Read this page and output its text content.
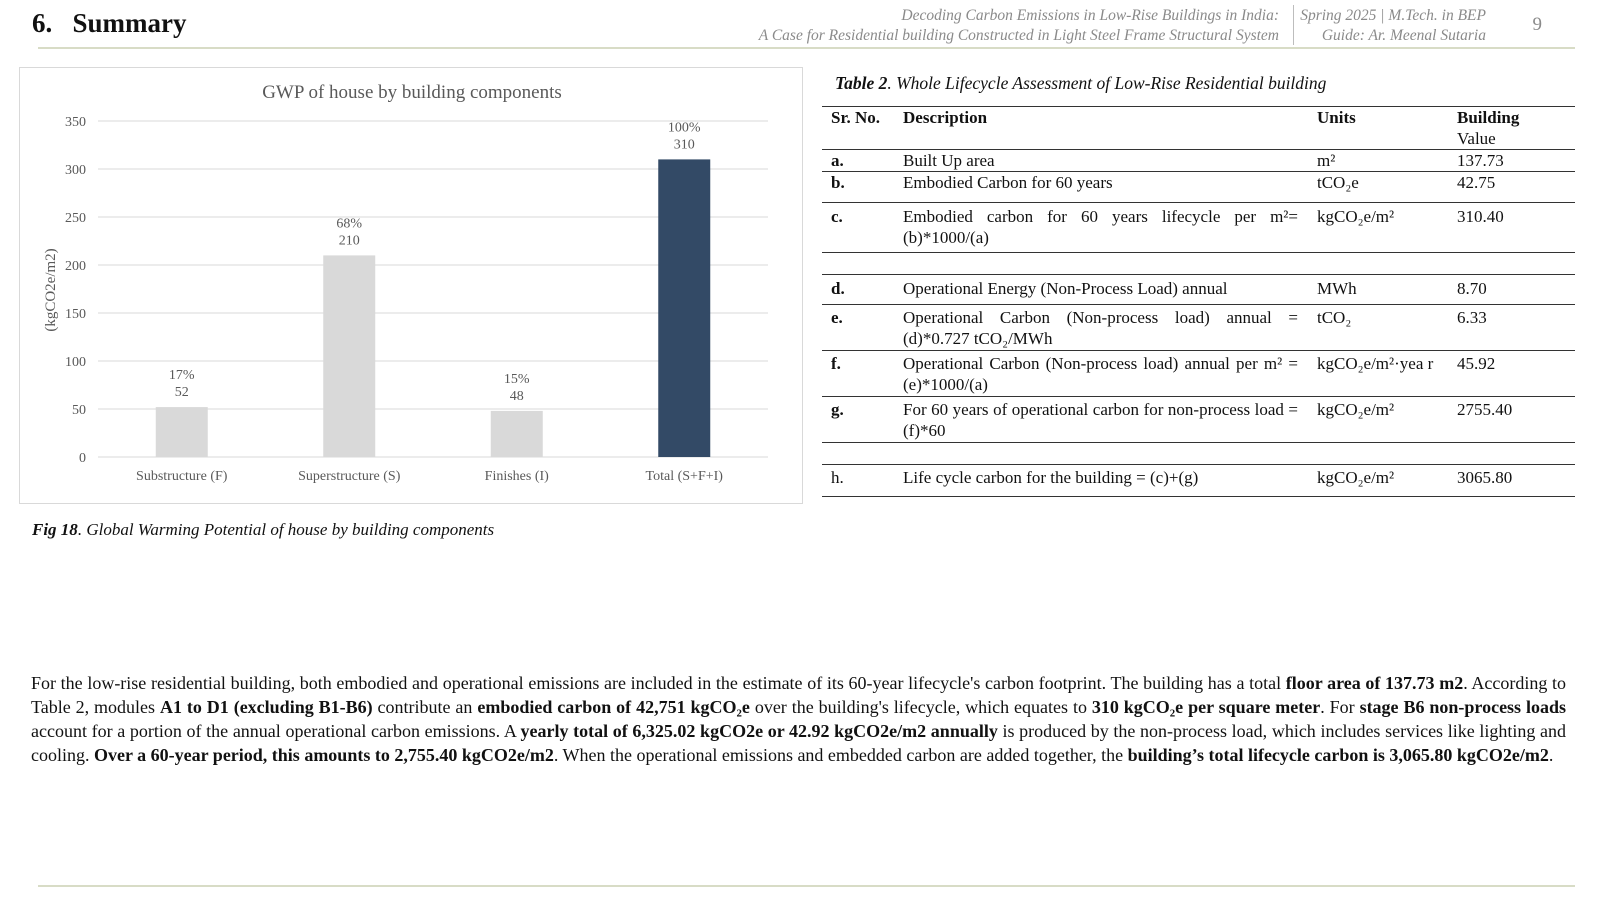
6.   Summary	Decoding Carbon Emissions in Low-Rise Buildings in India:
A Case for Residential building Constructed in Light Steel Frame Structural System
Spring 2025 | M.Tech. in BEP
Guide: Ar. Meenal Sutaria
9
GWP of house by building components
0
50
100
150
200
250
300
350
17%
52
68%
210
15%
48
100%
310
Substructure (F)	Superstructure (S)	Finishes (I)	Total (S+F+I)
(kgCO2e/m2)
Fig 18. Global Warming Potential of house by building components
Table 2. Whole Lifecycle Assessment of Low-Rise Residential building
Sr. No.	Description	Units	Building
Value
a.	Built Up area	m²	137.73
b.	Embodied Carbon for 60 years	tCO₂e	42.75
c.	Embodied carbon for 60 years lifecycle per m²= (b)*1000/(a)	kgCO₂e/m²	310.40

d.	Operational Energy (Non-Process Load) annual	MWh	8.70
e.	Operational Carbon (Non-process load) annual = (d)*0.727 tCO₂/MWh	tCO₂	6.33
f.	Operational Carbon (Non-process load) annual per m² = (e)*1000/(a)	kgCO₂e/m²·yea r	45.92
g.	For 60 years of operational carbon for non-process load = (f)*60	kgCO₂e/m²	2755.40

h.	Life cycle carbon for the building = (c)+(g)	kgCO₂e/m²	3065.80
For the low-rise residential building, both embodied and operational emissions are included in the estimate of its 60-year lifecycle's carbon footprint. The building has a total floor area of 137.73 m2. According to Table 2, modules A1 to D1 (excluding B1-B6) contribute an embodied carbon of 42,751 kgCO₂e over the building's lifecycle, which equates to 310 kgCO₂e per square meter. For stage B6 non-process loads account for a portion of the annual operational carbon emissions. A yearly total of 6,325.02 kgCO2e or 42.92 kgCO2e/m2 annually is produced by the non-process load, which includes services like lighting and cooling. Over a 60-year period, this amounts to 2,755.40 kgCO2e/m2. When the operational emissions and embedded carbon are added together, the building’s total lifecycle carbon is 3,065.80 kgCO2e/m2.
